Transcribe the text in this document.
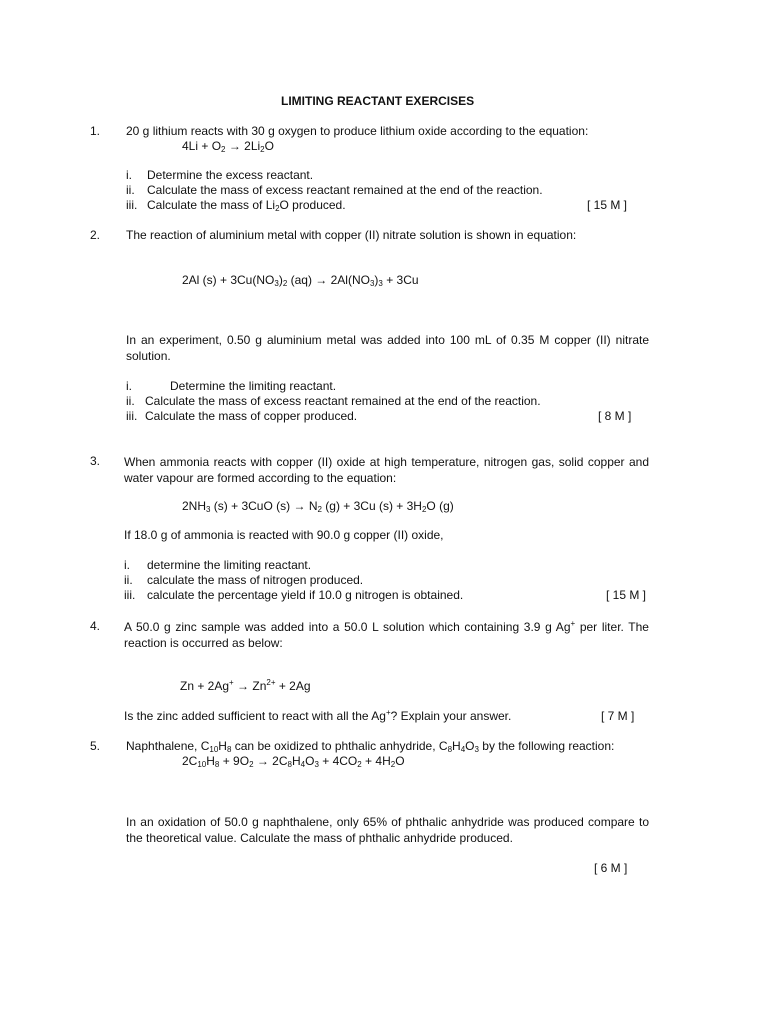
LIMITING REACTANT EXERCISES
1. 20 g lithium reacts with 30 g oxygen to produce lithium oxide according to the equation:
$4Li + O_2 \to 2Li_2O$
i. Determine the excess reactant.
ii. Calculate the mass of excess reactant remained at the end of the reaction.
iii. Calculate the mass of $Li_2O$ produced.	[ 15 M ]
2. The reaction of aluminium metal with copper (II) nitrate solution is shown in equation:
2Al $(s) + 3Cu(NO_3)_2$ $(aq) \to 2Al(NO_3)_3 + 3Cu$
In an experiment, 0.50 g aluminium metal was added into 100 mL of 0.35 M copper (II) nitrate solution.
i.	Determine the limiting reactant.
ii. Calculate the mass of excess reactant remained at the end of the reaction.
iii. Calculate the mass of copper produced.	[ 8 M ]
3. When ammonia reacts with copper (II) oxide at high temperature, nitrogen gas, solid copper and water vapour are formed according to the equation:
$2NH_3$ (s) + 3CuO $(s) \to N_2$ (g) + 3Cu $(s) + 3H_2O$ (g)
If 18.0 g of ammonia is reacted with 90.0 g copper (II) oxide,
i. determine the limiting reactant.
ii. calculate the mass of nitrogen produced.
iii. calculate the percentage yield if 10.0 g nitrogen is obtained.	[ 15 M ]
4. A 50.0 g zinc sample was added into a 50.0 L solution which containing 3.9 g Ag+ per liter. The reaction is occurred as below:
$Zn + 2Ag^+ \to Zn^{2+} + 2Ag$
Is the zinc added sufficient to react with all the Ag+? Explain your answer.	[ 7 M ]
5. Naphthalene, $C_{10}H_8$ can be oxidized to phthalic anhydride, $C_8H_4O_3$ by the following reaction:
$2C_{10}H_8 + 9O_2 \to 2C_8H_4O_3 + 4CO_2 + 4H_2O$
In an oxidation of 50.0 g naphthalene, only 65% of phthalic anhydride was produced compare to the theoretical value. Calculate the mass of phthalic anhydride produced.
[ 6 M ]
